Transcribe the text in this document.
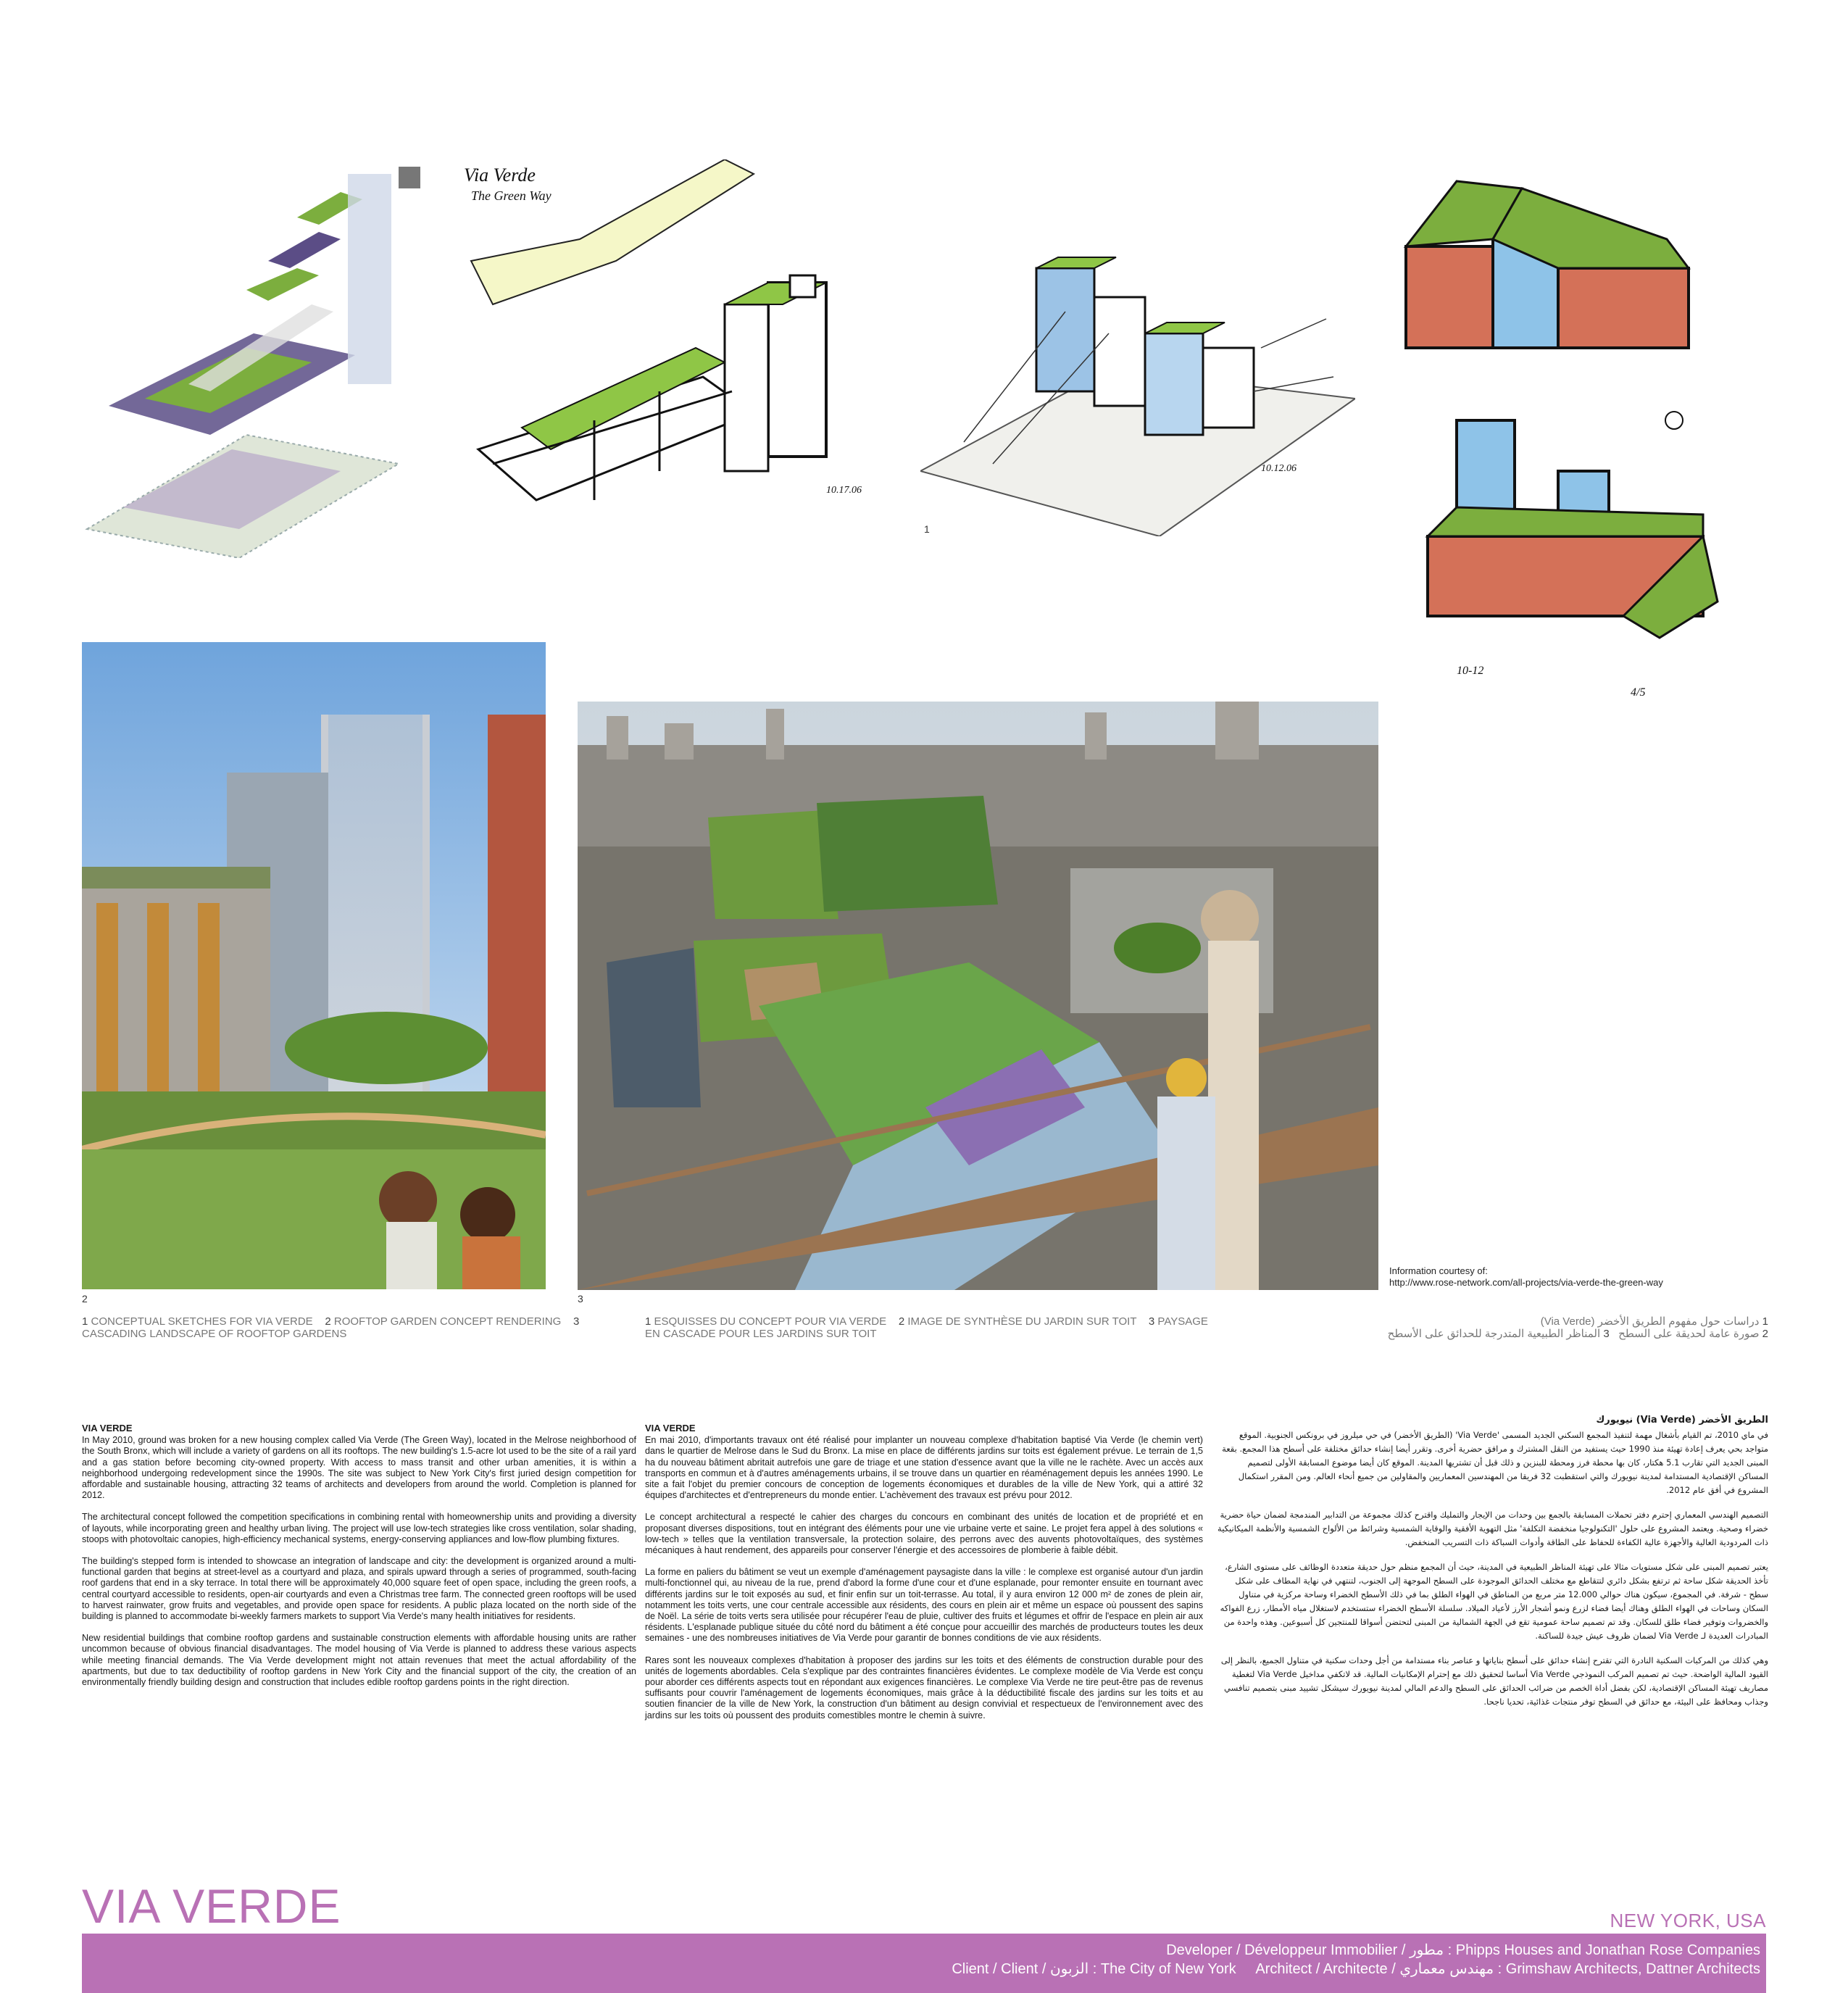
Via Verde
The Green Way
10.17.06
10.12.06
1
10-12
4/5
2	3
Information courtesy of:
http://www.rose-network.com/all-projects/via-verde-the-green-way
1 CONCEPTUAL SKETCHES FOR VIA VERDE 2 ROOFTOP GARDEN CONCEPT RENDERING 3 CASCADING LANDSCAPE OF ROOFTOP GARDENS
1 ESQUISSES DU CONCEPT POUR VIA VERDE 2 IMAGE DE SYNTHÈSE DU JARDIN SUR TOIT 3 PAYSAGE EN CASCADE POUR LES JARDINS SUR TOIT
1 دراسات حول مفهوم الطريق الأخضر (Via Verde)
2 صورة عامة لحديقة على السطح   3 المناظر الطبيعية المتدرجة للحدائق على الأسطح
VIA VERDE

In May 2010, ground was broken for a new housing complex called Via Verde (The Green Way), located in the Melrose neighborhood of the South Bronx, which will include a variety of gardens on all its rooftops. The new building's 1.5-acre lot used to be the site of a rail yard and a gas station before becoming city-owned property. With access to mass transit and other urban amenities, it is within a neighborhood undergoing redevelopment since the 1990s. The site was subject to New York City's first juried design competition for affordable and sustainable housing, attracting 32 teams of architects and developers from around the world. Completion is planned for 2012.

The architectural concept followed the competition specifications in combining rental with homeownership units and providing a diversity of layouts, while incorporating green and healthy urban living. The project will use low-tech strategies like cross ventilation, solar shading, stoops with photovoltaic canopies, high-efficiency mechanical systems, energy-conserving appliances and low-flow plumbing fixtures.

The building's stepped form is intended to showcase an integration of landscape and city: the development is organized around a multi-functional garden that begins at street-level as a courtyard and plaza, and spirals upward through a series of programmed, south-facing roof gardens that end in a sky terrace. In total there will be approximately 40,000 square feet of open space, including the green roofs, a central courtyard accessible to residents, open-air courtyards and even a Christmas tree farm. The connected green rooftops will be used to harvest rainwater, grow fruits and vegetables, and provide open space for residents. A public plaza located on the north side of the building is planned to accommodate bi-weekly farmers markets to support Via Verde's many health initiatives for residents.

New residential buildings that combine rooftop gardens and sustainable construction elements with affordable housing units are rather uncommon because of obvious financial disadvantages. The model housing of Via Verde is planned to address these various aspects while meeting financial demands. The Via Verde development might not attain revenues that meet the actual affordability of the apartments, but due to tax deductibility of rooftop gardens in New York City and the financial support of the city, the creation of an environmentally friendly building design and construction that includes edible rooftop gardens points in the right direction.

VIA VERDE

En mai 2010, d'importants travaux ont été réalisé pour implanter un nouveau complexe d'habitation baptisé Via Verde (le chemin vert) dans le quartier de Melrose dans le Sud du Bronx. La mise en place de différents jardins sur toits est également prévue. Le terrain de 1,5 ha du nouveau bâtiment abritait autrefois une gare de triage et une station d'essence avant que la ville ne le rachète. Avec un accès aux transports en commun et à d'autres aménagements urbains, il se trouve dans un quartier en réaménagement depuis les années 1990. Le site a fait l'objet du premier concours de conception de logements économiques et durables de la ville de New York, qui a attiré 32 équipes d'architectes et d'entrepreneurs du monde entier. L'achèvement des travaux est prévu pour 2012.

Le concept architectural a respecté le cahier des charges du concours en combinant des unités de location et de propriété et en proposant diverses dispositions, tout en intégrant des éléments pour une vie urbaine verte et saine. Le projet fera appel à des solutions « low-tech » telles que la ventilation transversale, la protection solaire, des perrons avec des auvents photovoltaïques, des systèmes mécaniques à haut rendement, des appareils pour conserver l'énergie et des accessoires de plomberie à faible débit.

La forme en paliers du bâtiment se veut un exemple d'aménagement paysagiste dans la ville : le complexe est organisé autour d'un jardin multi-fonctionnel qui, au niveau de la rue, prend d'abord la forme d'une cour et d'une esplanade, pour remonter ensuite en tournant avec différents jardins sur le toit exposés au sud, et finir enfin sur un toit-terrasse. Au total, il y aura environ 12 000 m² de zones de plein air, notamment les toits verts, une cour centrale accessible aux résidents, des cours en plein air et même un espace où poussent des sapins de Noël. La série de toits verts sera utilisée pour récupérer l'eau de pluie, cultiver des fruits et légumes et offrir de l'espace en plein air aux résidents. L'esplanade publique située du côté nord du bâtiment a été conçue pour accueillir des marchés de producteurs toutes les deux semaines - une des nombreuses initiatives de Via Verde pour garantir de bonnes conditions de vie aux résidents.

Rares sont les nouveaux complexes d'habitation à proposer des jardins sur les toits et des éléments de construction durable pour des unités de logements abordables. Cela s'explique par des contraintes financières évidentes. Le complexe modèle de Via Verde est conçu pour aborder ces différents aspects tout en répondant aux exigences financières. Le complexe Via Verde ne tire peut-être pas de revenus suffisants pour couvrir l'aménagement de logements économiques, mais grâce à la déductibilité fiscale des jardins sur les toits et au soutien financier de la ville de New York, la construction d'un bâtiment au design convivial et respectueux de l'environnement avec des jardins sur les toits où poussent des produits comestibles montre le chemin à suivre.

الطريق الأخضر (Via Verde) نيويورك

في ماي 2010، تم القيام بأشغال مهمة لتنفيذ المجمع السكني الجديد المسمى 'Via Verde' (الطريق الأخضر) في حي ميلروز في برونكس الجنوبية. الموقع متواجد بحي يعرف إعادة تهيئة منذ 1990 حيث يستفيد من النقل المشترك و مرافق حضرية أخرى. وتقرر أيضا إنشاء حدائق مختلفة على أسطح هذا المجمع. بقعة المبنى الجديد التي تقارب 5.1 هكتار، كان بها محطة فرز ومحطة للبنزين و ذلك قبل أن تشتريها المدينة. الموقع كان أيضا موضوع المسابقة الأولى لتصميم المساكن الإقتصادية المستدامة لمدينة نيويورك والتي استقطبت 32 فريقا من المهندسين المعماريين والمقاولين من جميع أنحاء العالم. ومن المقرر استكمال المشروع في أفق عام 2012.

التصميم الهندسي المعماري إحترم دفتر تحملات المسابقة بالجمع بين وحدات من الإيجار والتمليك واقترح كذلك مجموعة من التدابير المندمجة لضمان حياة حضرية خضراء وصحية. ويعتمد المشروع على حلول 'التكنولوجيا منخفضة التكلفة' مثل التهوية الأفقية والوقاية الشمسية وشرائط من الألواح الشمسية والأنظمة الميكانيكية ذات المردودية العالية والأجهزة عالية الكفاءة للحفاظ على الطاقة وأدوات السباكة ذات التسريب المنخفض.

يعتبر تصميم المبنى على شكل مستويات مثالا على تهيئة المناظر الطبيعية في المدينة، حيث أن المجمع منظم حول حديقة متعددة الوظائف على مستوى الشارع، تأخذ الحديقة شكل ساحة ثم ترتفع بشكل دائري لتتقاطع مع مختلف الحدائق الموجودة على السطح الموجهة إلى الجنوب، لتنتهي في نهاية المطاف على شكل سطح - شرفة. في المجموع، سيكون هناك حوالي 12.000 متر مربع من المناطق في الهواء الطلق بما في ذلك الأسطح الخضراء وساحة مركزية في متناول السكان وساحات في الهواء الطلق وهناك أيضا فضاء لزرع ونمو أشجار الأرز لأعياد الميلاد. سلسلة الأسطح الخضراء ستستخدم لاستغلال مياه الأمطار، زرع الفواكه والخضروات وتوفير فضاء طلق للسكان. وقد تم تصميم ساحة عمومية تقع في الجهة الشمالية من المبنى لتحتضن أسواقا للمنتجين كل أسبوعين. وهذه واحدة من المبادرات العديدة لـ Via Verde لضمان ظروف عيش جيدة للساكنة.

وهي كذلك من المركبات السكنية النادرة التي تقترح إنشاء حدائق على أسطح بناياتها و عناصر بناء مستدامة من أجل وحدات سكنية في متناول الجميع، بالنظر إلى القيود المالية الواضحة. حيث تم تصميم المركب النموذجي Via Verde أساسا لتحقيق ذلك مع إحترام الإمكانيات المالية. قد لاتكفي مداخيل Via Verde لتغطية مصاريف تهيئة المساكن الإقتصادية، لكن بفضل أداة الخصم من ضرائب الحدائق على السطح والدعم المالي لمدينة نيويورك سيشكل تشييد مبنى بتصميم تنافسي وجذاب ومحافظ على البيئة، مع حدائق في السطح توفر منتجات غذائية، تحديا ناجحا.

VIA VERDE	NEW YORK, USA
Developer / Développeur Immobilier / مطور : Phipps Houses and Jonathan Rose Companies
Client / Client / الزبون : The City of New York Architect / Architecte / مهندس معماري : Grimshaw Architects, Dattner Architects
